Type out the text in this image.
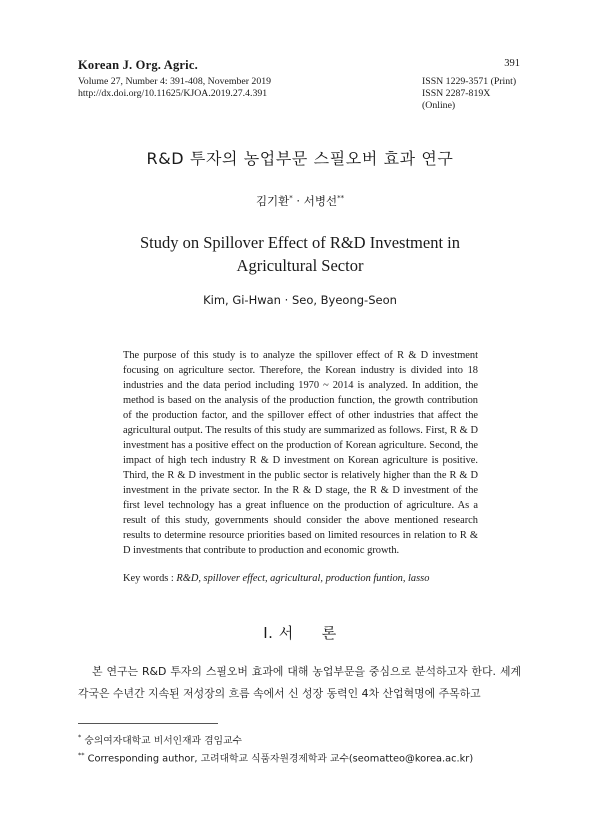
Korean J. Org. Agric.	391
Volume 27, Number 4: 391-408, November 2019	ISSN 1229-3571 (Print)
http://dx.doi.org/10.11625/KJOA.2019.27.4.391	ISSN 2287-819X (Online)
R&D 투자의 농업부문 스필오버 효과 연구
김기환* · 서병선**
Study on Spillover Effect of R&D Investment in
Agricultural Sector
Kim, Gi-Hwan · Seo, Byeong-Seon
The purpose of this study is to analyze the spillover effect of R & D investment focusing on agriculture sector. Therefore, the Korean industry is divided into 18 industries and the data period including 1970 ~ 2014 is analyzed. In addition, the method is based on the analysis of the production function, the growth contribution of the production factor, and the spillover effect of other industries that affect the agricultural output. The results of this study are summarized as follows. First, R & D investment has a positive effect on the production of Korean agriculture. Second, the impact of high tech industry R & D investment on Korean agriculture is positive. Third, the R & D investment in the public sector is relatively higher than the R & D investment in the private sector. In the R & D stage, the R & D investment of the first level technology has a great influence on the production of agriculture. As a result of this study, governments should consider the above mentioned research results to determine resource priorities based on limited resources in relation to R & D investments that contribute to production and economic growth.
Key words : R&D, spillover effect, agricultural, production funtion, lasso
Ⅰ. 서 론
본 연구는 R&D 투자의 스필오버 효과에 대해 농업부문을 중심으로 분석하고자 한다. 세계 각국은 수년간 지속된 저성장의 흐름 속에서 신 성장 동력인 4차 산업혁명에 주목하고
* 숭의여자대학교 비서인재과 겸임교수
** Corresponding author, 고려대학교 식품자원경제학과 교수(seomatteo@korea.ac.kr)
